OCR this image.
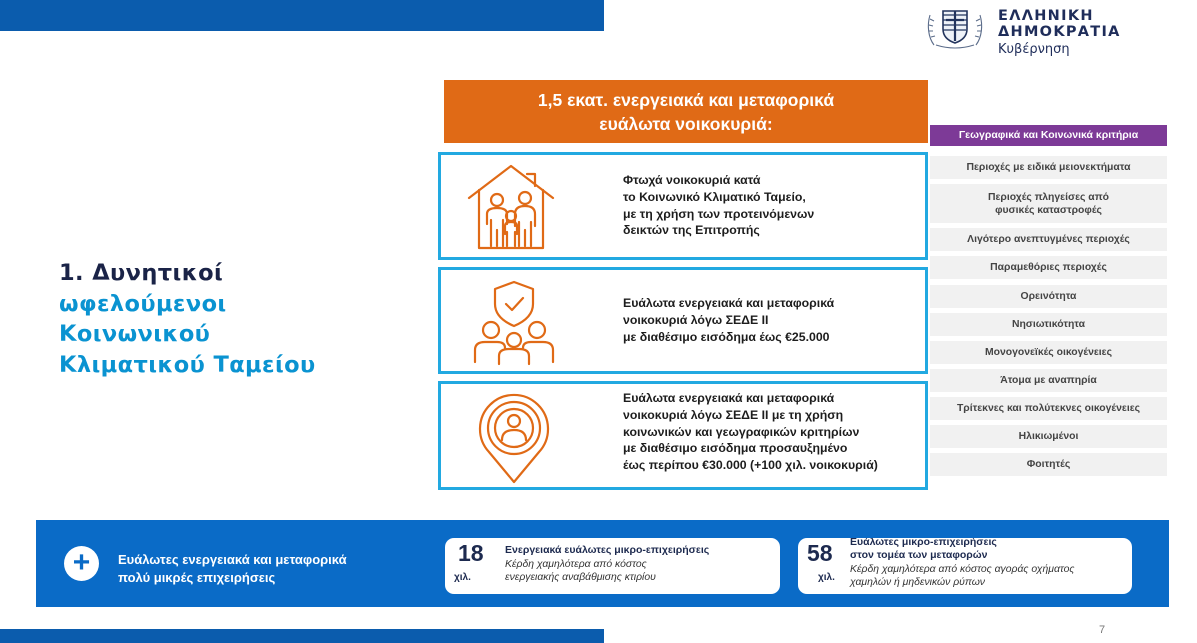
ΕΛΛΗΝΙΚΗ ΔΗΜΟΚΡΑΤΙΑ
Κυβέρνηση
1. Δυνητικοί
ωφελούμενοι
Κοινωνικού
Κλιματικού Ταμείου
1,5 εκατ. ενεργειακά και μεταφορικά
ευάλωτα νοικοκυριά:
Φτωχά νοικοκυριά κατά
το Κοινωνικό Κλιματικό Ταμείο,
με τη χρήση των προτεινόμενων
δεικτών της Επιτροπής
Ευάλωτα ενεργειακά και μεταφορικά
νοικοκυριά λόγω ΣΕΔΕ ΙΙ
με διαθέσιμο εισόδημα έως €25.000
Ευάλωτα ενεργειακά και μεταφορικά
νοικοκυριά λόγω ΣΕΔΕ ΙΙ με τη χρήση
κοινωνικών και γεωγραφικών κριτηρίων
με διαθέσιμο εισόδημα προσαυξημένο
έως περίπου €30.000 (+100 χιλ. νοικοκυριά)
Γεωγραφικά και Κοινωνικά κριτήρια
Περιοχές με ειδικά μειονεκτήματα
Περιοχές πληγείσες από
φυσικές καταστροφές
Λιγότερο ανεπτυγμένες περιοχές
Παραμεθόριες περιοχές
Ορεινότητα
Νησιωτικότητα
Μονογονεϊκές οικογένειες
Άτομα με αναπηρία
Τρίτεκνες και πολύτεκνες οικογένειες
Ηλικιωμένοι
Φοιτητές
+	Ευάλωτες ενεργειακά και μεταφορικά
πολύ μικρές επιχειρήσεις
18
χιλ.
Ενεργειακά ευάλωτες μικρο-επιχειρήσεις
Κέρδη χαμηλότερα από κόστος
ενεργειακής αναβάθμισης κτιρίου
58
χιλ.
Ευάλωτες μικρο-επιχειρήσεις
στον τομέα των μεταφορών
Κέρδη χαμηλότερα από κόστος αγοράς οχήματος
χαμηλών ή μηδενικών ρύπων
7
